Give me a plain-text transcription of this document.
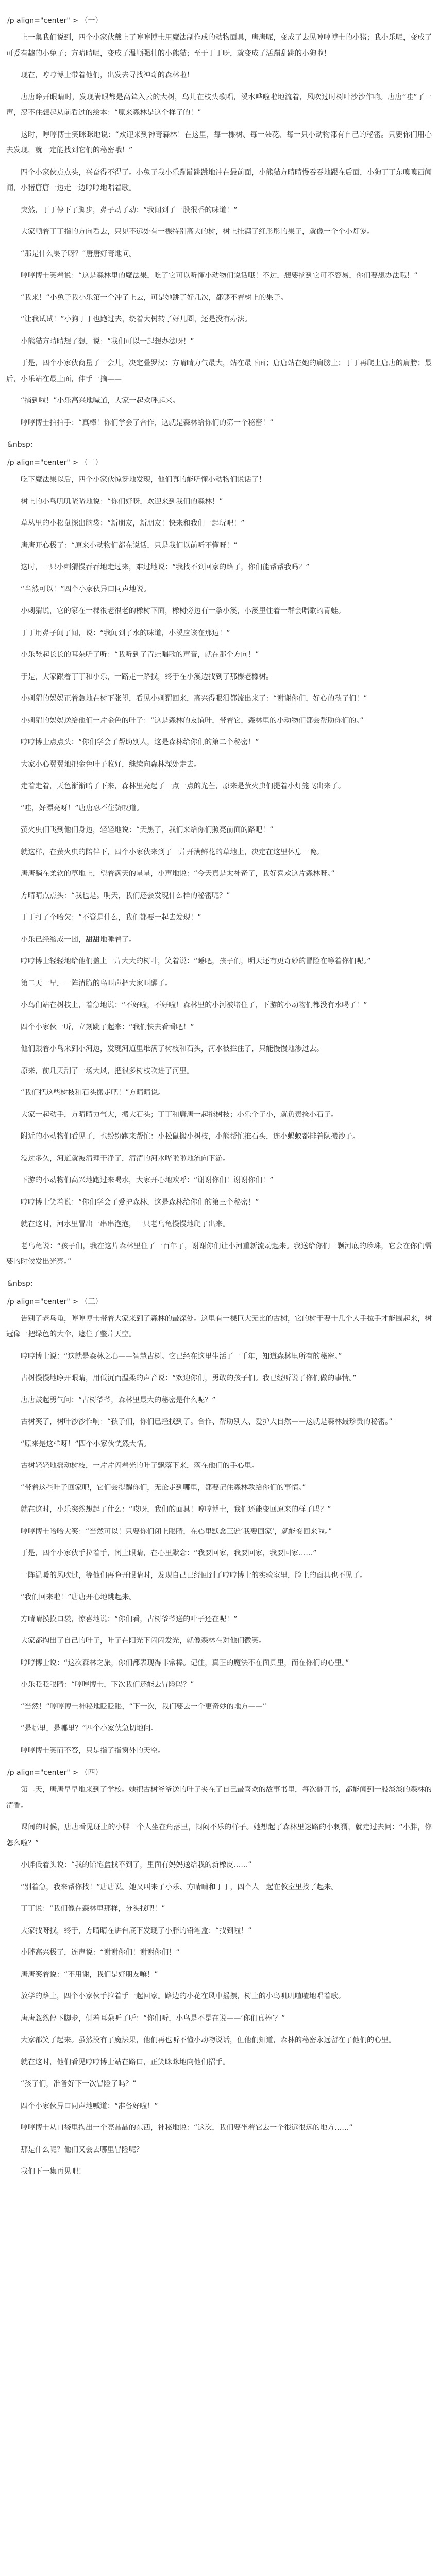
/p align="center" > （一）

上一集我们说到，四个小家伙戴上了哼哼博士用魔法制作成的动物面具，唐唐呢，变成了去见哼哼博士的小猪；我小乐呢，变成了可爱有趣的小兔子；方晴晴呢，变成了温顺强壮的小熊猫；至于丁丁呀，就变成了活蹦乱跳的小狗啦！

现在，哼哼博士带着他们，出发去寻找神奇的森林啦！

唐唐睁开眼睛时，发现满眼都是高耸入云的大树，鸟儿在枝头歌唱，溪水哗啦啦地流着，风吹过时树叶沙沙作响。唐唐“哇”了一声，忍不住想起从前看过的绘本：“原来森林是这个样子的！”

这时，哼哼博士笑眯眯地说：“欢迎来到神奇森林！在这里，每一棵树、每一朵花、每一只小动物都有自己的秘密。只要你们用心去发现，就一定能找到它们的秘密哦！”

四个小家伙点点头，兴奋得不得了。小兔子我小乐蹦蹦跳跳地冲在最前面，小熊猫方晴晴慢吞吞地跟在后面，小狗丁丁东嗅嗅西闻闻，小猪唐唐一边走一边哼哼地唱着歌。

突然，丁丁停下了脚步，鼻子动了动：“我闻到了一股很香的味道！”

大家顺着丁丁指的方向看去，只见不远处有一棵特别高大的树，树上挂满了红彤彤的果子，就像一个个小灯笼。

“那是什么果子呀？”唐唐好奇地问。

哼哼博士笑着说：“这是森林里的魔法果，吃了它可以听懂小动物们说话哦！不过，想要摘到它可不容易，你们要想办法哦！”

“我来！”小兔子我小乐第一个冲了上去，可是她跳了好几次，都够不着树上的果子。

“让我试试！”小狗丁丁也跑过去，绕着大树转了好几圈，还是没有办法。

小熊猫方晴晴想了想，说：“我们可以一起想办法呀！”

于是，四个小家伙商量了一会儿，决定叠罗汉：方晴晴力气最大，站在最下面；唐唐站在她的肩膀上；丁丁再爬上唐唐的肩膀；最后，小乐站在最上面，伸手一摘——

“摘到啦！”小乐高兴地喊道，大家一起欢呼起来。

哼哼博士拍拍手：“真棒！你们学会了合作，这就是森林给你们的第一个秘密！”

&nbsp;
/p align="center" > （二）

吃下魔法果以后，四个小家伙惊讶地发现，他们真的能听懂小动物们说话了！

树上的小鸟叽叽喳喳地说：“你们好呀，欢迎来到我们的森林！”

草丛里的小松鼠探出脑袋：“新朋友，新朋友！快来和我们一起玩吧！”

唐唐开心极了：“原来小动物们都在说话，只是我们以前听不懂呀！”

这时，一只小刺猬慢吞吞地走过来，难过地说：“我找不到回家的路了，你们能帮帮我吗？”

“当然可以！”四个小家伙异口同声地说。

小刺猬说，它的家在一棵很老很老的橡树下面，橡树旁边有一条小溪，小溪里住着一群会唱歌的青蛙。

丁丁用鼻子闻了闻，说：“我闻到了水的味道，小溪应该在那边！”

小乐竖起长长的耳朵听了听：“我听到了青蛙唱歌的声音，就在那个方向！”

于是，大家跟着丁丁和小乐，一路走一路找，终于在小溪边找到了那棵老橡树。

小刺猬的妈妈正着急地在树下张望，看见小刺猬回来，高兴得眼泪都流出来了：“谢谢你们，好心的孩子们！”

小刺猬的妈妈送给他们一片金色的叶子：“这是森林的友谊叶，带着它，森林里的小动物们都会帮助你们的。”

哼哼博士点点头：“你们学会了帮助别人，这是森林给你们的第二个秘密！”

大家小心翼翼地把金色叶子收好，继续向森林深处走去。

走着走着，天色渐渐暗了下来，森林里亮起了一点一点的光芒，原来是萤火虫们提着小灯笼飞出来了。

“哇，好漂亮呀！”唐唐忍不住赞叹道。

萤火虫们飞到他们身边，轻轻地说：“天黑了，我们来给你们照亮前面的路吧！”

就这样，在萤火虫的陪伴下，四个小家伙来到了一片开满鲜花的草地上，决定在这里休息一晚。

唐唐躺在柔软的草地上，望着满天的星星，小声地说：“今天真是太神奇了，我好喜欢这片森林呀。”

方晴晴点点头：“我也是。明天，我们还会发现什么样的秘密呢？”

丁丁打了个哈欠：“不管是什么，我们都要一起去发现！”

小乐已经缩成一团，甜甜地睡着了。

哼哼博士轻轻地给他们盖上一片大大的树叶，笑着说：“睡吧，孩子们，明天还有更奇妙的冒险在等着你们呢。”

第二天一早，一阵清脆的鸟叫声把大家叫醒了。

小鸟们站在树枝上，着急地说：“不好啦，不好啦！森林里的小河被堵住了，下游的小动物们都没有水喝了！”

四个小家伙一听，立刻跳了起来：“我们快去看看吧！”

他们跟着小鸟来到小河边，发现河道里堆满了树枝和石头，河水被拦住了，只能慢慢地渗过去。

原来，前几天刮了一场大风，把很多树枝吹进了河里。

“我们把这些树枝和石头搬走吧！”方晴晴说。

大家一起动手，方晴晴力气大，搬大石头；丁丁和唐唐一起拖树枝；小乐个子小，就负责捡小石子。

附近的小动物们看见了，也纷纷跑来帮忙：小松鼠搬小树枝，小熊帮忙推石头，连小蚂蚁都排着队搬沙子。

没过多久，河道就被清理干净了，清清的河水哗啦啦地流向下游。

下游的小动物们高兴地跑过来喝水，大家开心地欢呼：“谢谢你们！谢谢你们！”

哼哼博士笑着说：“你们学会了爱护森林，这是森林给你们的第三个秘密！”

就在这时，河水里冒出一串串泡泡，一只老乌龟慢慢地爬了出来。

老乌龟说：“孩子们，我在这片森林里住了一百年了，谢谢你们让小河重新流动起来。我送给你们一颗河底的珍珠，它会在你们需要的时候发出光亮。”

&nbsp;
/p align="center" > （三）

告别了老乌龟，哼哼博士带着大家来到了森林的最深处。这里有一棵巨大无比的古树，它的树干要十几个人手拉手才能围起来，树冠像一把绿色的大伞，遮住了整片天空。

哼哼博士说：“这就是森林之心——智慧古树。它已经在这里生活了一千年，知道森林里所有的秘密。”

古树慢慢地睁开眼睛，用低沉而温柔的声音说：“欢迎你们，勇敢的孩子们。我已经听说了你们做的事情。”

唐唐鼓起勇气问：“古树爷爷，森林里最大的秘密是什么呢？”

古树笑了，树叶沙沙作响：“孩子们，你们已经找到了。合作、帮助别人、爱护大自然——这就是森林最珍贵的秘密。”

“原来是这样呀！”四个小家伙恍然大悟。

古树轻轻地摇动树枝，一片片闪着光的叶子飘落下来，落在他们的手心里。

“带着这些叶子回家吧，它们会提醒你们，无论走到哪里，都要记住森林教给你们的事情。”

就在这时，小乐突然想起了什么：“哎呀，我们的面具！哼哼博士，我们还能变回原来的样子吗？”

哼哼博士哈哈大笑：“当然可以！只要你们闭上眼睛，在心里默念三遍‘我要回家’，就能变回来啦。”

于是，四个小家伙手拉着手，闭上眼睛，在心里默念：“我要回家，我要回家，我要回家……”

一阵温暖的风吹过，等他们再睁开眼睛时，发现自己已经回到了哼哼博士的实验室里，脸上的面具也不见了。

“我们回来啦！”唐唐开心地跳起来。

方晴晴摸摸口袋，惊喜地说：“你们看，古树爷爷送的叶子还在呢！”

大家都掏出了自己的叶子，叶子在阳光下闪闪发光，就像森林在对他们微笑。

哼哼博士说：“这次森林之旅，你们都表现得非常棒。记住，真正的魔法不在面具里，而在你们的心里。”

小乐眨眨眼睛：“哼哼博士，下次我们还能去冒险吗？”

“当然！”哼哼博士神秘地眨眨眼，“下一次，我们要去一个更奇妙的地方——”

“是哪里，是哪里？”四个小家伙急切地问。

哼哼博士笑而不答，只是指了指窗外的天空。

/p align="center" > （四）

第二天，唐唐早早地来到了学校。她把古树爷爷送的叶子夹在了自己最喜欢的故事书里，每次翻开书，都能闻到一股淡淡的森林的清香。

课间的时候，唐唐看见班上的小胖一个人坐在角落里，闷闷不乐的样子。她想起了森林里迷路的小刺猬，就走过去问：“小胖，你怎么啦？”

小胖低着头说：“我的铅笔盒找不到了，里面有妈妈送给我的新橡皮……”

“别着急，我来帮你找！”唐唐说。她又叫来了小乐、方晴晴和丁丁，四个人一起在教室里找了起来。

丁丁说：“我们像在森林里那样，分头找吧！”

大家找呀找，终于，方晴晴在讲台底下发现了小胖的铅笔盒：“找到啦！”

小胖高兴极了，连声说：“谢谢你们！谢谢你们！”

唐唐笑着说：“不用谢，我们是好朋友嘛！”

放学的路上，四个小家伙手拉着手一起回家。路边的小花在风中摇摆，树上的小鸟叽叽喳喳地唱着歌。

唐唐忽然停下脚步，侧着耳朵听了听：“你们听，小鸟是不是在说——‘你们真棒’？”

大家都笑了起来。虽然没有了魔法果，他们再也听不懂小动物说话，但他们知道，森林的秘密永远留在了他们的心里。

就在这时，他们看见哼哼博士站在路口，正笑眯眯地向他们招手。

“孩子们，准备好下一次冒险了吗？”

四个小家伙异口同声地喊道：“准备好啦！”

哼哼博士从口袋里掏出一个亮晶晶的东西，神秘地说：“这次，我们要坐着它去一个很远很远的地方……”

那是什么呢？他们又会去哪里冒险呢？

我们下一集再见吧！
